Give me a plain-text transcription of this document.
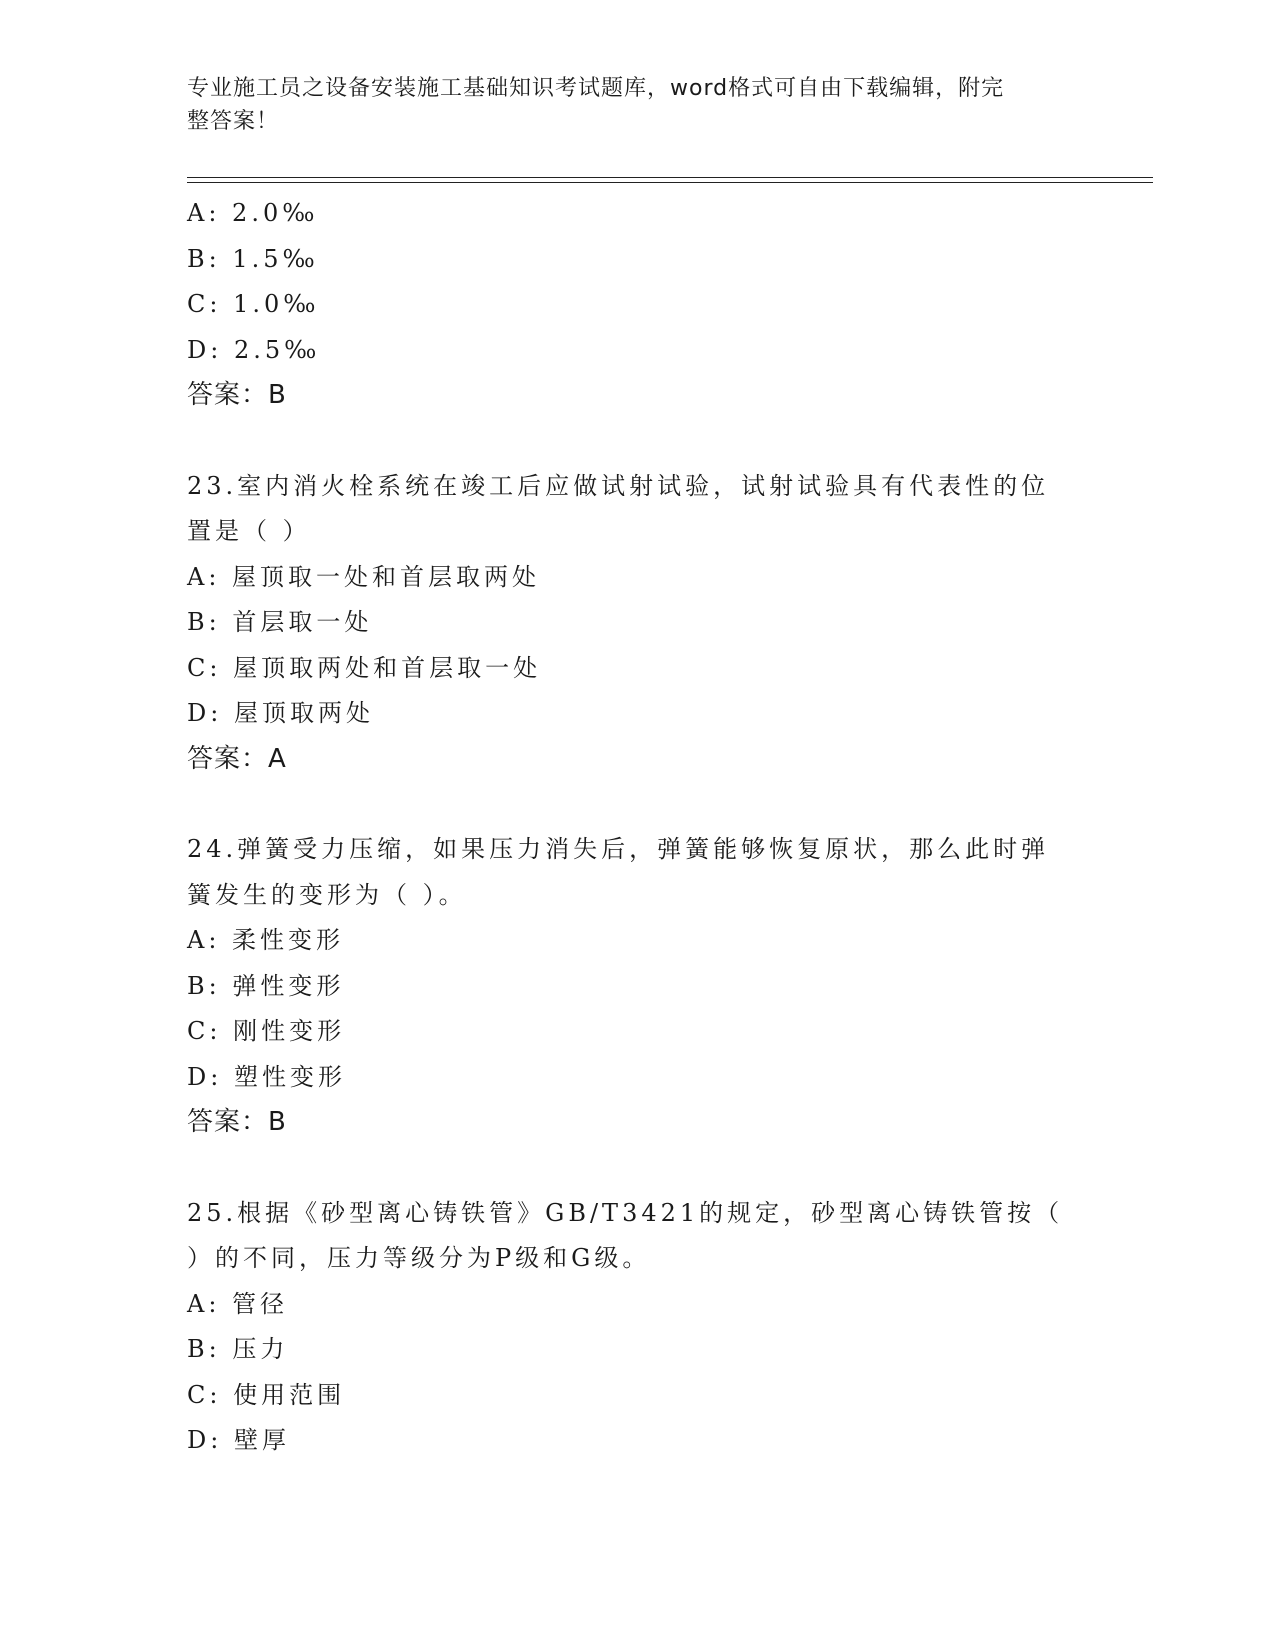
专业施工员之设备安装施工基础知识考试题库，word格式可自由下载编辑，附完
整答案！
A: 2.0‰
B: 1.5‰
C: 1.0‰
D: 2.5‰
答案：B
23.室内消火栓系统在竣工后应做试射试验，试射试验具有代表性的位
置是（ ）
A: 屋顶取一处和首层取两处
B: 首层取一处
C: 屋顶取两处和首层取一处
D: 屋顶取两处
答案：A
24.弹簧受力压缩，如果压力消失后，弹簧能够恢复原状，那么此时弹
簧发生的变形为（ ）。
A: 柔性变形
B: 弹性变形
C: 刚性变形
D: 塑性变形
答案：B
25.根据《砂型离心铸铁管》GB/T3421的规定，砂型离心铸铁管按（
）的不同，压力等级分为P级和G级。
A: 管径
B: 压力
C: 使用范围
D: 壁厚
